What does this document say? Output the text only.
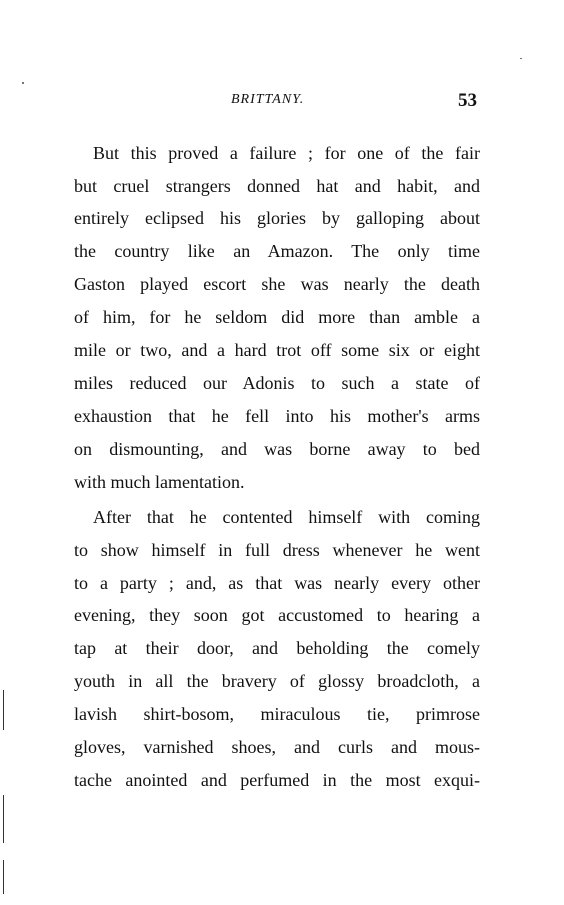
BRITTANY.	53
But this proved a failure ; for one of the fair
but cruel strangers donned hat and habit, and
entirely eclipsed his glories by galloping about
the country like an Amazon. The only time
Gaston played escort she was nearly the death
of him, for he seldom did more than amble a
mile or two, and a hard trot off some six or eight
miles reduced our Adonis to such a state of
exhaustion that he fell into his mother's arms
on dismounting, and was borne away to bed
with much lamentation.
After that he contented himself with coming
to show himself in full dress whenever he went
to a party ; and, as that was nearly every other
evening, they soon got accustomed to hearing a
tap at their door, and beholding the comely
youth in all the bravery of glossy broadcloth, a
lavish shirt-bosom, miraculous tie, primrose
gloves, varnished shoes, and curls and mous-
tache anointed and perfumed in the most exqui-
